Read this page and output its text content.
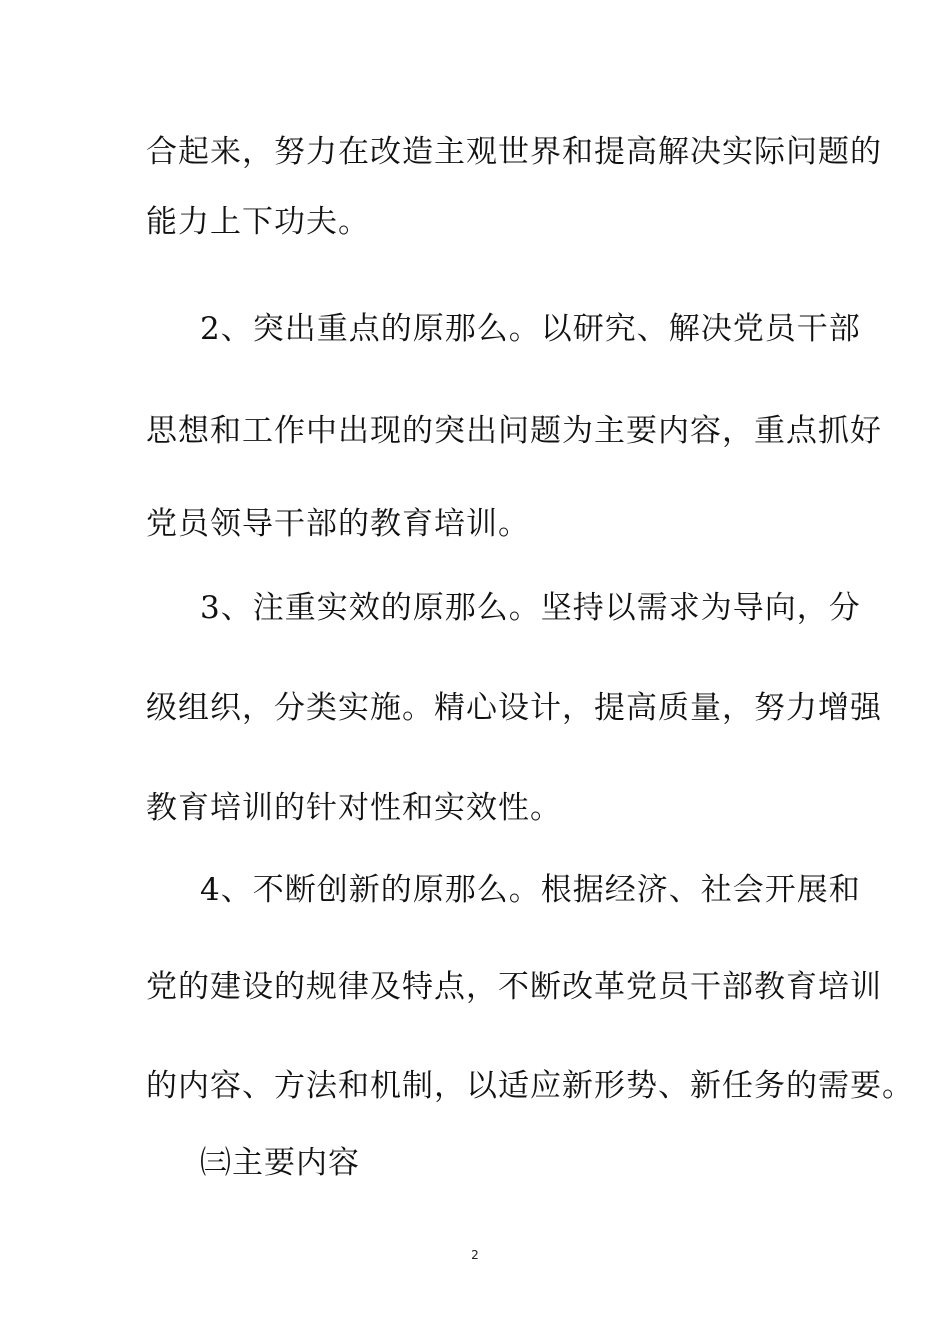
合起来，努力在改造主观世界和提高解决实际问题的
能力上下功夫。
2、突出重点的原那么。以研究、解决党员干部
思想和工作中出现的突出问题为主要内容，重点抓好
党员领导干部的教育培训。
3、注重实效的原那么。坚持以需求为导向，分
级组织，分类实施。精心设计，提高质量，努力增强
教育培训的针对性和实效性。
4、不断创新的原那么。根据经济、社会开展和
党的建设的规律及特点，不断改革党员干部教育培训
的内容、方法和机制，以适应新形势、新任务的需要。
㈢主要内容
2
